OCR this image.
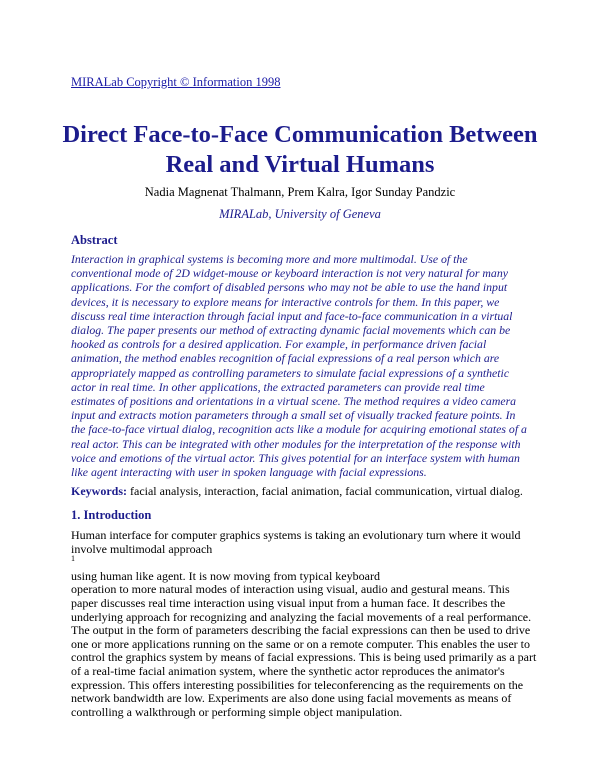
MIRALab Copyright © Information 1998
Direct Face-to-Face Communication Between
Real and Virtual Humans
Nadia Magnenat Thalmann, Prem Kalra, Igor Sunday Pandzic
MIRALab, University of Geneva
Abstract
Interaction in graphical systems is becoming more and more multimodal. Use of the
conventional mode of 2D widget-mouse or keyboard interaction is not very natural for many
applications. For the comfort of disabled persons who may not be able to use the hand input
devices, it is necessary to explore means for interactive controls for them. In this paper, we
discuss real time interaction through facial input and face-to-face communication in a virtual
dialog. The paper presents our method of extracting dynamic facial movements which can be
hooked as controls for a desired application. For example, in performance driven facial
animation, the method enables recognition of facial expressions of a real person which are
appropriately mapped as controlling parameters to simulate facial expressions of a synthetic
actor in real time. In other applications, the extracted parameters can provide real time
estimates of positions and orientations in a virtual scene. The method requires a video camera
input and extracts motion parameters through a small set of visually tracked feature points. In
the face-to-face virtual dialog, recognition acts like a module for acquiring emotional states of a
real actor. This can be integrated with other modules for the interpretation of the response with
voice and emotions of the virtual actor. This gives potential for an interface system with human
like agent interacting with user in spoken language with facial expressions.
Keywords: facial analysis, interaction, facial animation, facial communication, virtual dialog.
1. Introduction
Human interface for computer graphics systems is taking an evolutionary turn where it would
involve multimodal approach
$^1$
using human like agent. It is now moving from typical keyboard
operation to more natural modes of interaction using visual, audio and gestural means. This
paper discusses real time interaction using visual input from a human face. It describes the
underlying approach for recognizing and analyzing the facial movements of a real performance.
The output in the form of parameters describing the facial expressions can then be used to drive
one or more applications running on the same or on a remote computer. This enables the user to
control the graphics system by means of facial expressions. This is being used primarily as a part
of a real-time facial animation system, where the synthetic actor reproduces the animator's
expression. This offers interesting possibilities for teleconferencing as the requirements on the
network bandwidth are low. Experiments are also done using facial movements as means of
controlling a walkthrough or performing simple object manipulation.
